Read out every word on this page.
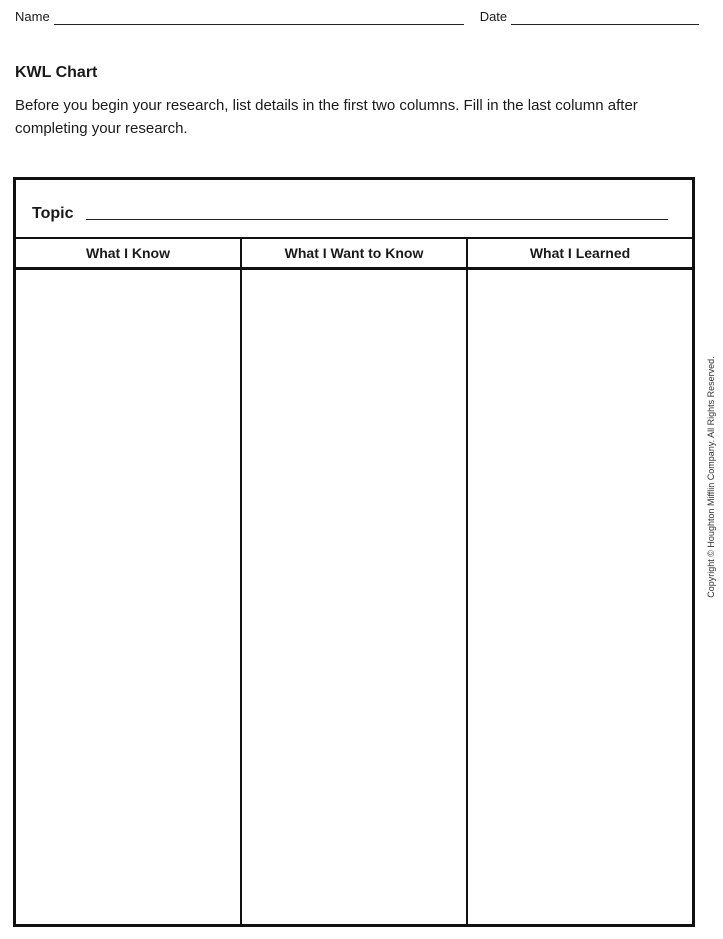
Name	Date
KWL Chart

Before you begin your research, list details in the first two columns. Fill in the last column after completing your research.

Topic
What I Know	What I Want to Know	What I Learned
Copyright © Houghton Mifflin Company. All Rights Reserved.
